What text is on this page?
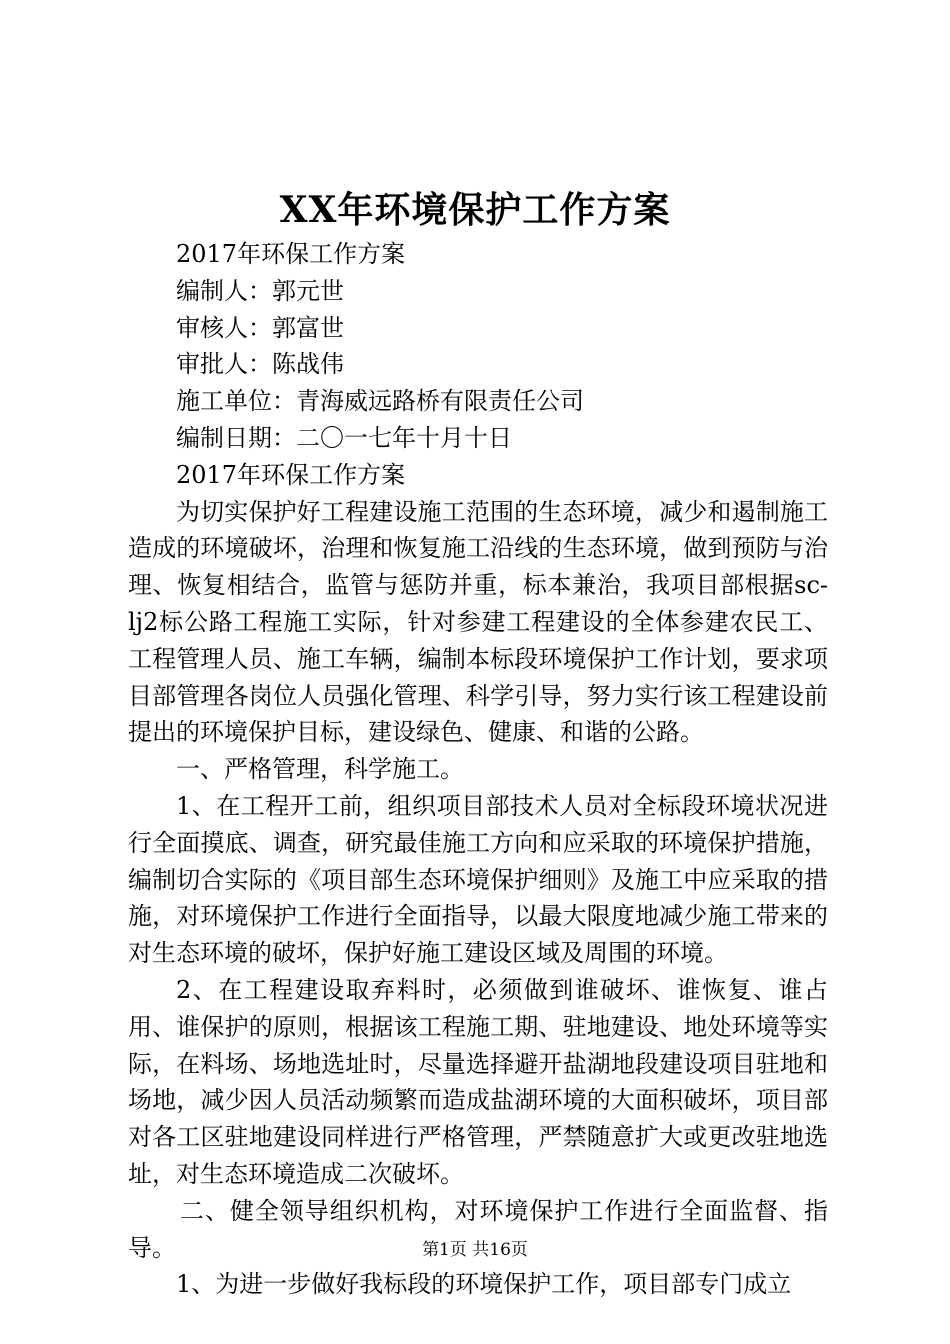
XX年环境保护工作方案
2017年环保工作方案
编制人：郭元世
审核人：郭富世
审批人：陈战伟
施工单位：青海威远路桥有限责任公司
编制日期：二〇一七年十月十日
2017年环保工作方案

为切实保护好工程建设施工范围的生态环境，减少和遏制施工造成的环境破坏，治理和恢复施工沿线的生态环境，做到预防与治理、恢复相结合，监管与惩防并重，标本兼治，我项目部根据sc-lj2标公路工程施工实际，针对参建工程建设的全体参建农民工、工程管理人员、施工车辆，编制本标段环境保护工作计划，要求项目部管理各岗位人员强化管理、科学引导，努力实行该工程建设前提出的环境保护目标，建设绿色、健康、和谐的公路。

一、严格管理，科学施工。

1、在工程开工前，组织项目部技术人员对全标段环境状况进行全面摸底、调查，研究最佳施工方向和应采取的环境保护措施，编制切合实际的《项目部生态环境保护细则》及施工中应采取的措施，对环境保护工作进行全面指导，以最大限度地减少施工带来的对生态环境的破坏，保护好施工建设区域及周围的环境。

2、在工程建设取弃料时，必须做到谁破坏、谁恢复、谁占用、谁保护的原则，根据该工程施工期、驻地建设、地处环境等实际，在料场、场地选址时，尽量选择避开盐湖地段建设项目驻地和场地，减少因人员活动频繁而造成盐湖环境的大面积破坏，项目部对各工区驻地建设同样进行严格管理，严禁随意扩大或更改驻地选址，对生态环境造成二次破坏。

二、健全领导组织机构，对环境保护工作进行全面监督、指导。

1、为进一步做好我标段的环境保护工作，项目部专门成立

第1页 共16页
